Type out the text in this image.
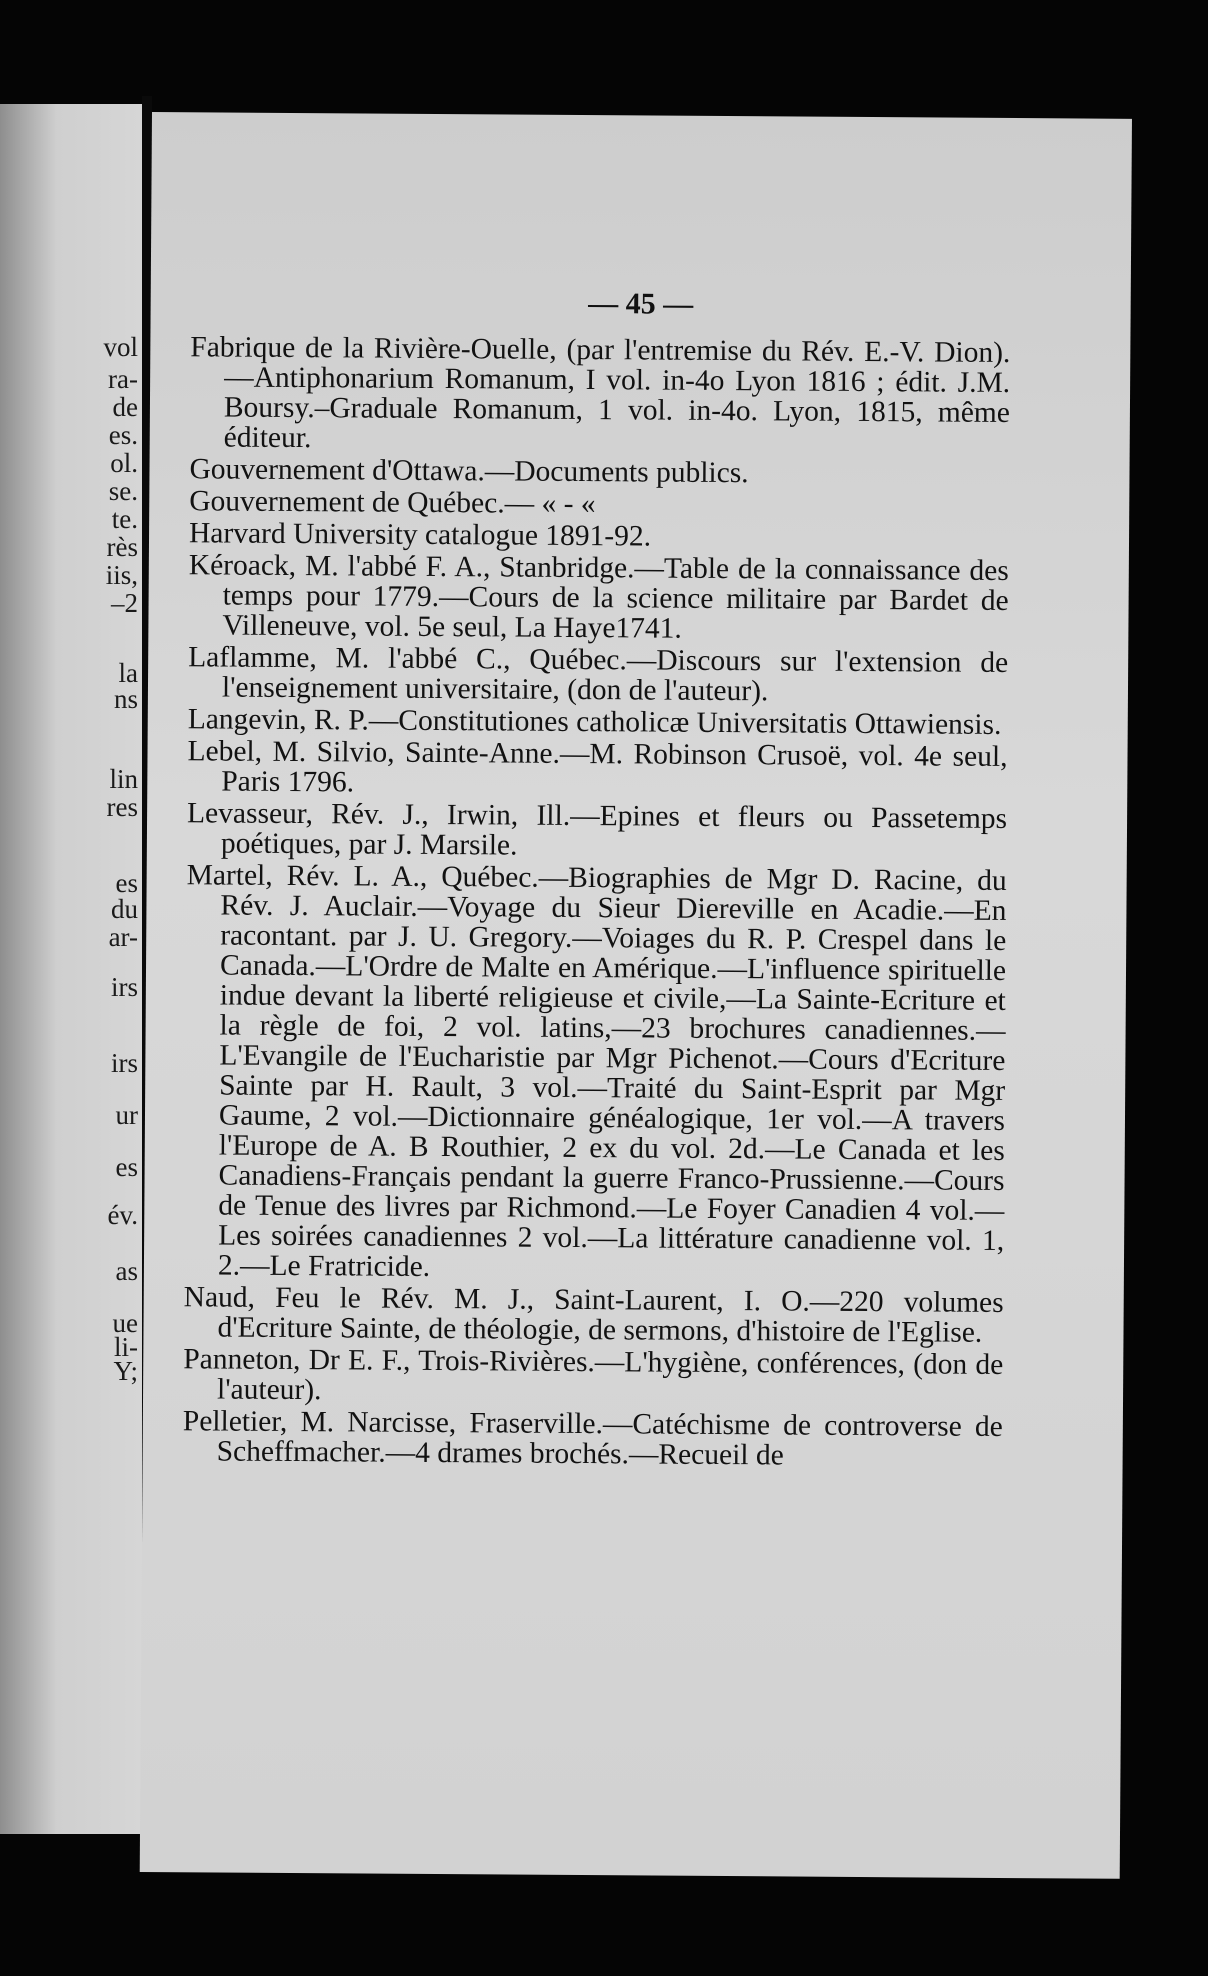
vol
ra-
de
es.
ol.
se.
te.
rès
iis,
–2
la
ns
lin
res
es
du
ar-
irs
irs
ur
es
év.
as
ue
li-
Y;
— 45 —

Fabrique de la Rivière-Ouelle, (par l'entremise du Rév. E.-V. Dion).—Antiphonarium Romanum, I vol. in-4o Lyon 1816 ; édit. J.M. Boursy.–Graduale Romanum, 1 vol. in-4o. Lyon, 1815, même éditeur.

Gouvernement d'Ottawa.—Documents publics.

Gouvernement de Québec.— « - «

Harvard University catalogue 1891-92.

Kéroack, M. l'abbé F. A., Stanbridge.—Table de la connaissance des temps pour 1779.—Cours de la science militaire par Bardet de Villeneuve, vol. 5e seul, La Haye1741.

Laflamme, M. l'abbé C., Québec.—Discours sur l'extension de l'enseignement universitaire, (don de l'auteur).

Langevin, R. P.—Constitutiones catholicæ Universitatis Ottawiensis.

Lebel, M. Silvio, Sainte-Anne.—M. Robinson Crusoë, vol. 4e seul, Paris 1796.

Levasseur, Rév. J., Irwin, Ill.—Epines et fleurs ou Passetemps poétiques, par J. Marsile.

Martel, Rév. L. A., Québec.—Biographies de Mgr D. Racine, du Rév. J. Auclair.—Voyage du Sieur Diereville en Acadie.—En racontant. par J. U. Gregory.—Voiages du R. P. Crespel dans le Canada.—L'Ordre de Malte en Amérique.—L'influence spirituelle indue devant la liberté religieuse et civile,—La Sainte-Ecriture et la règle de foi, 2 vol. latins,—23 brochures canadiennes.—L'Evangile de l'Eucharistie par Mgr Pichenot.—Cours d'Ecriture Sainte par H. Rault, 3 vol.—Traité du Saint-Esprit par Mgr Gaume, 2 vol.—Dictionnaire généalogique, 1er vol.—A travers l'Europe de A. B Routhier, 2 ex du vol. 2d.—Le Canada et les Canadiens-Français pendant la guerre Franco-Prussienne.—Cours de Tenue des livres par Richmond.—Le Foyer Canadien 4 vol.—Les soirées canadiennes 2 vol.—La littérature canadienne vol. 1, 2.—Le Fratricide.

Naud, Feu le Rév. M. J., Saint-Laurent, I. O.—220 volumes d'Ecriture Sainte, de théologie, de sermons, d'histoire de l'Eglise.

Panneton, Dr E. F., Trois-Rivières.—L'hygiène, conférences, (don de l'auteur).

Pelletier, M. Narcisse, Fraserville.—Catéchisme de controverse de Scheffmacher.—4 drames brochés.—Recueil de
